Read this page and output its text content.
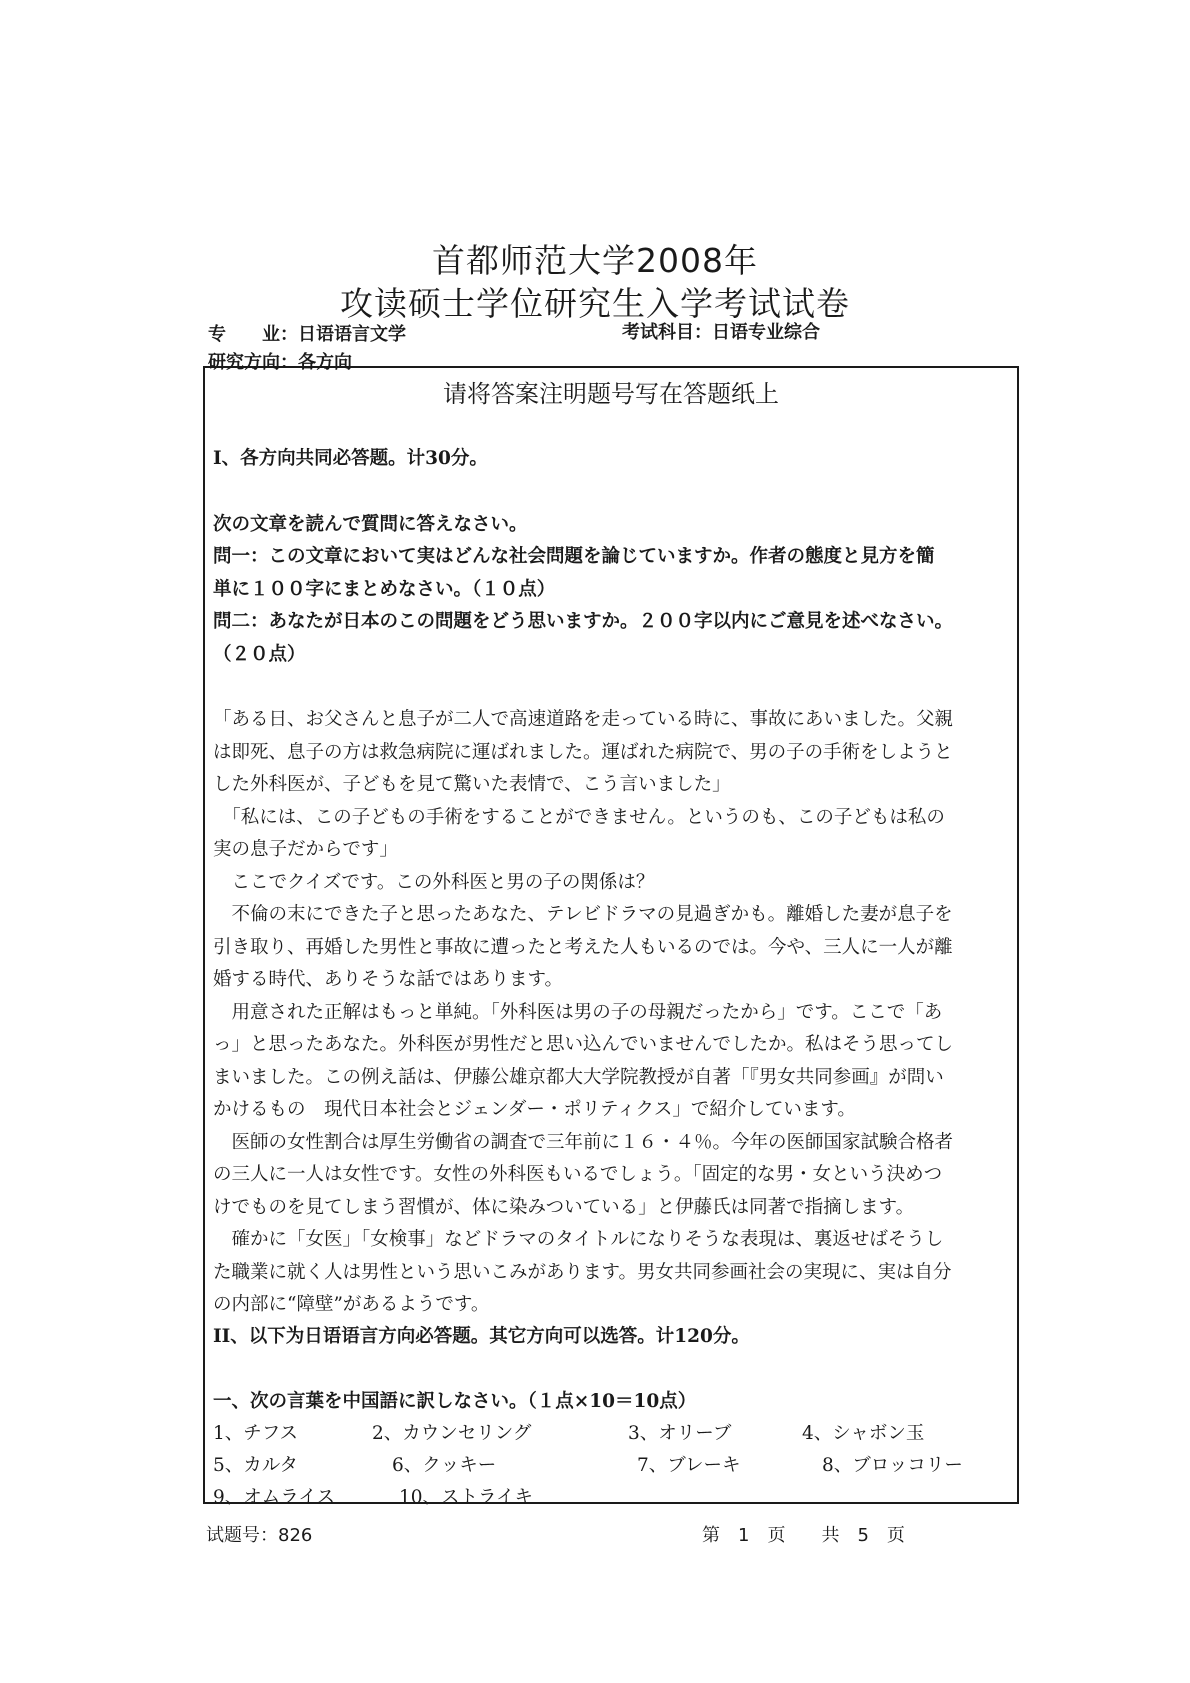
首都师范大学2008年
攻读硕士学位研究生入学考试试卷
专　　业：日语语言文学	考试科目：日语专业综合
研究方向：各方向
请将答案注明题号写在答题纸上
I、各方向共同必答题。计30分。
次の文章を読んで質問に答えなさい。
問一：この文章において実はどんな社会問題を論じていますか。作者の態度と見方を簡
単に１００字にまとめなさい。（１０点）
問二：あなたが日本のこの問題をどう思いますか。２００字以内にご意見を述べなさい。
（２０点）
「ある日、お父さんと息子が二人で高速道路を走っている時に、事故にあいました。父親
は即死、息子の方は救急病院に運ばれました。運ばれた病院で、男の子の手術をしようと
した外科医が、子どもを見て驚いた表情で、こう言いました」
　「私には、この子どもの手術をすることができません。というのも、この子どもは私の
実の息子だからです」
　ここでクイズです。この外科医と男の子の関係は？
　不倫の末にできた子と思ったあなた、テレビドラマの見過ぎかも。離婚した妻が息子を
引き取り、再婚した男性と事故に遭ったと考えた人もいるのでは。今や、三人に一人が離
婚する時代、ありそうな話ではあります。
　用意された正解はもっと単純。「外科医は男の子の母親だったから」です。ここで「あ
っ」と思ったあなた。外科医が男性だと思い込んでいませんでしたか。私はそう思ってし
まいました。この例え話は、伊藤公雄京都大大学院教授が自著「『男女共同参画』が問い
かけるもの　現代日本社会とジェンダー・ポリティクス」で紹介しています。
　医師の女性割合は厚生労働省の調査で三年前に１６・４％。今年の医師国家試験合格者
の三人に一人は女性です。女性の外科医もいるでしょう。「固定的な男・女という決めつ
けでものを見てしまう習慣が、体に染みついている」と伊藤氏は同著で指摘します。
　確かに「女医」「女検事」などドラマのタイトルになりそうな表現は、裏返せばそうし
た職業に就く人は男性という思いこみがあります。男女共同参画社会の実現に、実は自分
の内部に“障壁”があるようです。
II、以下为日语语言方向必答题。其它方向可以选答。计120分。
一、次の言葉を中国語に訳しなさい。（１点×10＝10点）
1、チフス	2、カウンセリング	3、オリーブ	4、シャボン玉
5、カルタ	6、クッキー	7、ブレーキ	8、ブロッコリー
9、オムライス	10、ストライキ
试题号：826	第　1　页　　共　5　页
